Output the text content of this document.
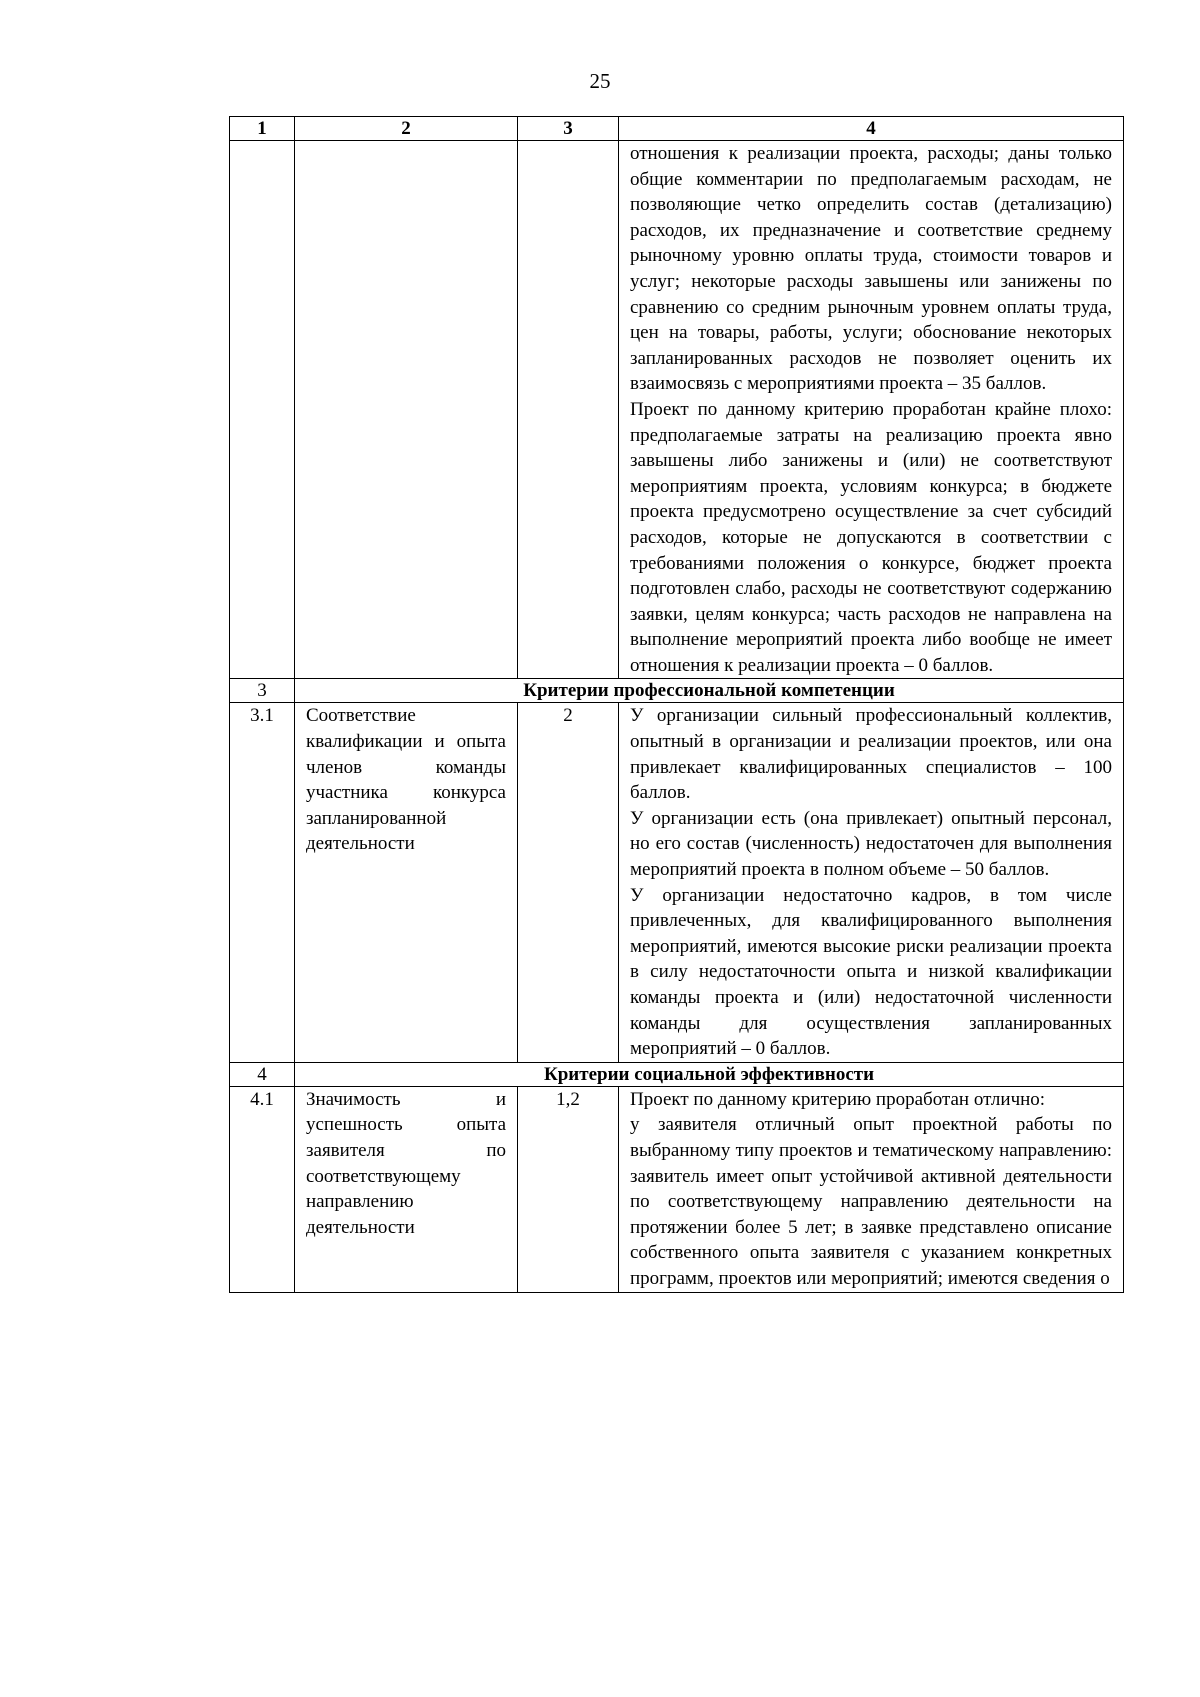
25
1	2	3	4

			отношения к реализации проекта, расходы; даны только общие комментарии по предполагаемым расходам, не позволяющие четко определить состав (детализацию) расходов, их предназначение и соответствие среднему рыночному уровню оплаты труда, стоимости товаров и услуг; некоторые расходы завышены или занижены по сравнению со средним рыночным уровнем оплаты труда, цен на товары, работы, услуги; обоснование некоторых запланированных расходов не позволяет оценить их взаимосвязь с мероприятиями проекта – 35 баллов.

Проект по данному критерию проработан крайне плохо: предполагаемые затраты на реализацию проекта явно завышены либо занижены и (или) не соответствуют мероприятиям проекта, условиям конкурса; в бюджете проекта предусмотрено осуществление за счет субсидий расходов, которые не допускаются в соответствии с требованиями положения о конкурсе, бюджет проекта подготовлен слабо, расходы не соответствуют содержанию заявки, целям конкурса; часть расходов не направлена на выполнение мероприятий проекта либо вообще не имеет отношения к реализации проекта – 0 баллов.

3	Критерии профессиональной компетенции		
3.1	Соответствие квалификации и опыта членов команды участника конкурса запланированной деятельности	2	У организации сильный профессиональный коллектив, опытный в организации и реализации проектов, или она привлекает квалифицированных специалистов – 100 баллов.

У организации есть (она привлекает) опытный персонал, но его состав (численность) недостаточен для выполнения мероприятий проекта в полном объеме – 50 баллов.

У организации недостаточно кадров, в том числе привлеченных, для квалифицированного выполнения мероприятий, имеются высокие риски реализации проекта в силу недостаточности опыта и низкой квалификации команды проекта и (или) недостаточной численности команды для осуществления запланированных мероприятий – 0 баллов.

4	Критерии социальной эффективности		
4.1	Значимость и успешность опыта заявителя по соответствующему направлению деятельности	1,2	Проект по данному критерию проработан отлично:

у заявителя отличный опыт проектной работы по выбранному типу проектов и тематическому направлению: заявитель имеет опыт устойчивой активной деятельности по соответствующему направлению деятельности на протяжении более 5 лет; в заявке представлено описание собственного опыта заявителя с указанием конкретных программ, проектов или мероприятий; имеются сведения о
